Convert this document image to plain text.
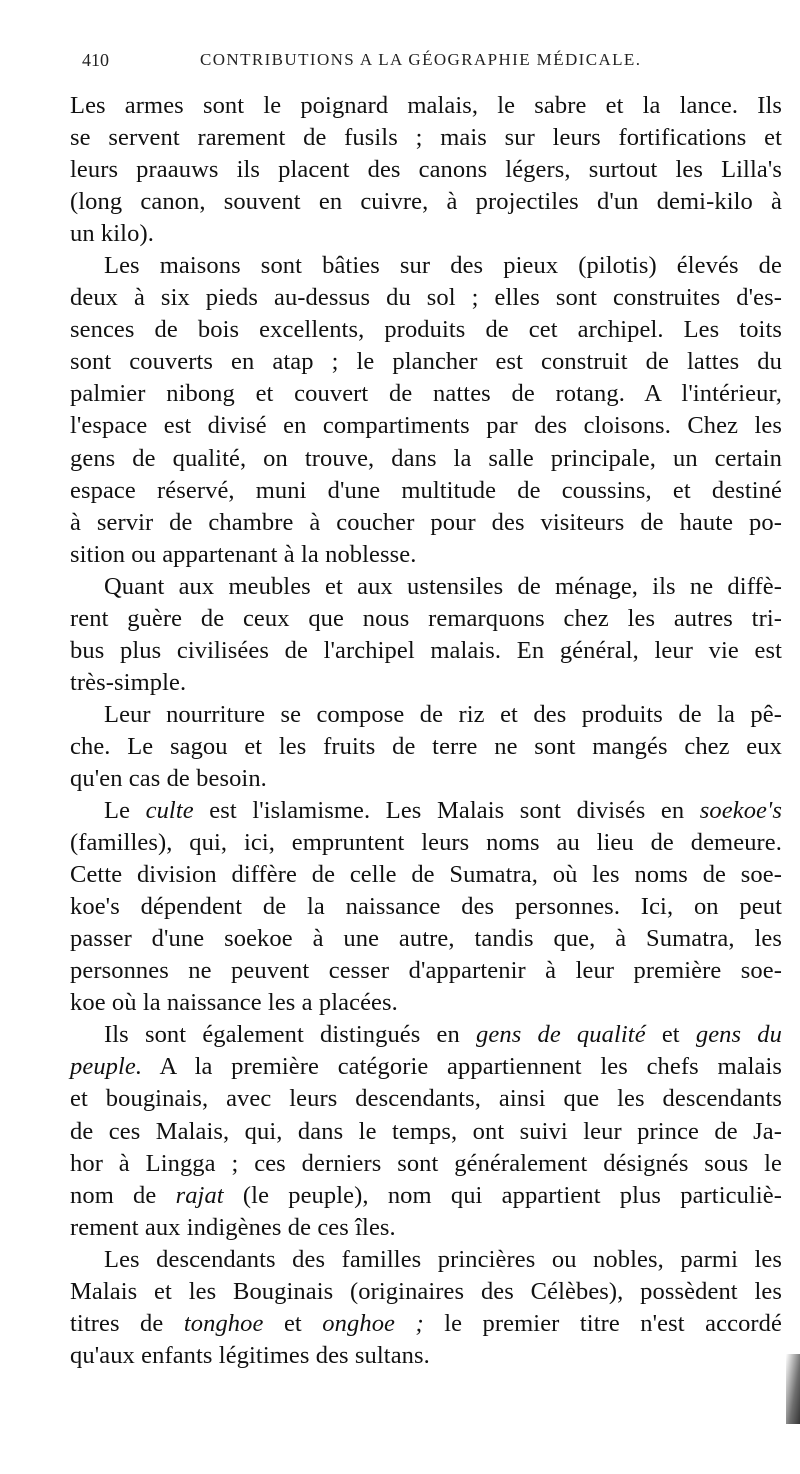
410	CONTRIBUTIONS A LA GÉOGRAPHIE MÉDICALE.
Les armes sont le poignard malais, le sabre et la lance. Ils
se servent rarement de fusils ; mais sur leurs fortifications et
leurs praauws ils placent des canons légers, surtout les Lilla's
(long canon, souvent en cuivre, à projectiles d'un demi-kilo à
un kilo).
Les maisons sont bâties sur des pieux (pilotis) élevés de
deux à six pieds au-dessus du sol ; elles sont construites d'es-
sences de bois excellents, produits de cet archipel. Les toits
sont couverts en atap ; le plancher est construit de lattes du
palmier nibong et couvert de nattes de rotang. A l'intérieur,
l'espace est divisé en compartiments par des cloisons. Chez les
gens de qualité, on trouve, dans la salle principale, un certain
espace réservé, muni d'une multitude de coussins, et destiné
à servir de chambre à coucher pour des visiteurs de haute po-
sition ou appartenant à la noblesse.
Quant aux meubles et aux ustensiles de ménage, ils ne diffè-
rent guère de ceux que nous remarquons chez les autres tri-
bus plus civilisées de l'archipel malais. En général, leur vie est
très-simple.
Leur nourriture se compose de riz et des produits de la pê-
che. Le sagou et les fruits de terre ne sont mangés chez eux
qu'en cas de besoin.
Le culte est l'islamisme. Les Malais sont divisés en soekoe's
(familles), qui, ici, empruntent leurs noms au lieu de demeure.
Cette division diffère de celle de Sumatra, où les noms de soe-
koe's dépendent de la naissance des personnes. Ici, on peut
passer d'une soekoe à une autre, tandis que, à Sumatra, les
personnes ne peuvent cesser d'appartenir à leur première soe-
koe où la naissance les a placées.
Ils sont également distingués en gens de qualité et gens du
peuple. A la première catégorie appartiennent les chefs malais
et bouginais, avec leurs descendants, ainsi que les descendants
de ces Malais, qui, dans le temps, ont suivi leur prince de Ja-
hor à Lingga ; ces derniers sont généralement désignés sous le
nom de rajat (le peuple), nom qui appartient plus particuliè-
rement aux indigènes de ces îles.
Les descendants des familles princières ou nobles, parmi les
Malais et les Bouginais (originaires des Célèbes), possèdent les
titres de tonghoe et onghoe ; le premier titre n'est accordé
qu'aux enfants légitimes des sultans.
